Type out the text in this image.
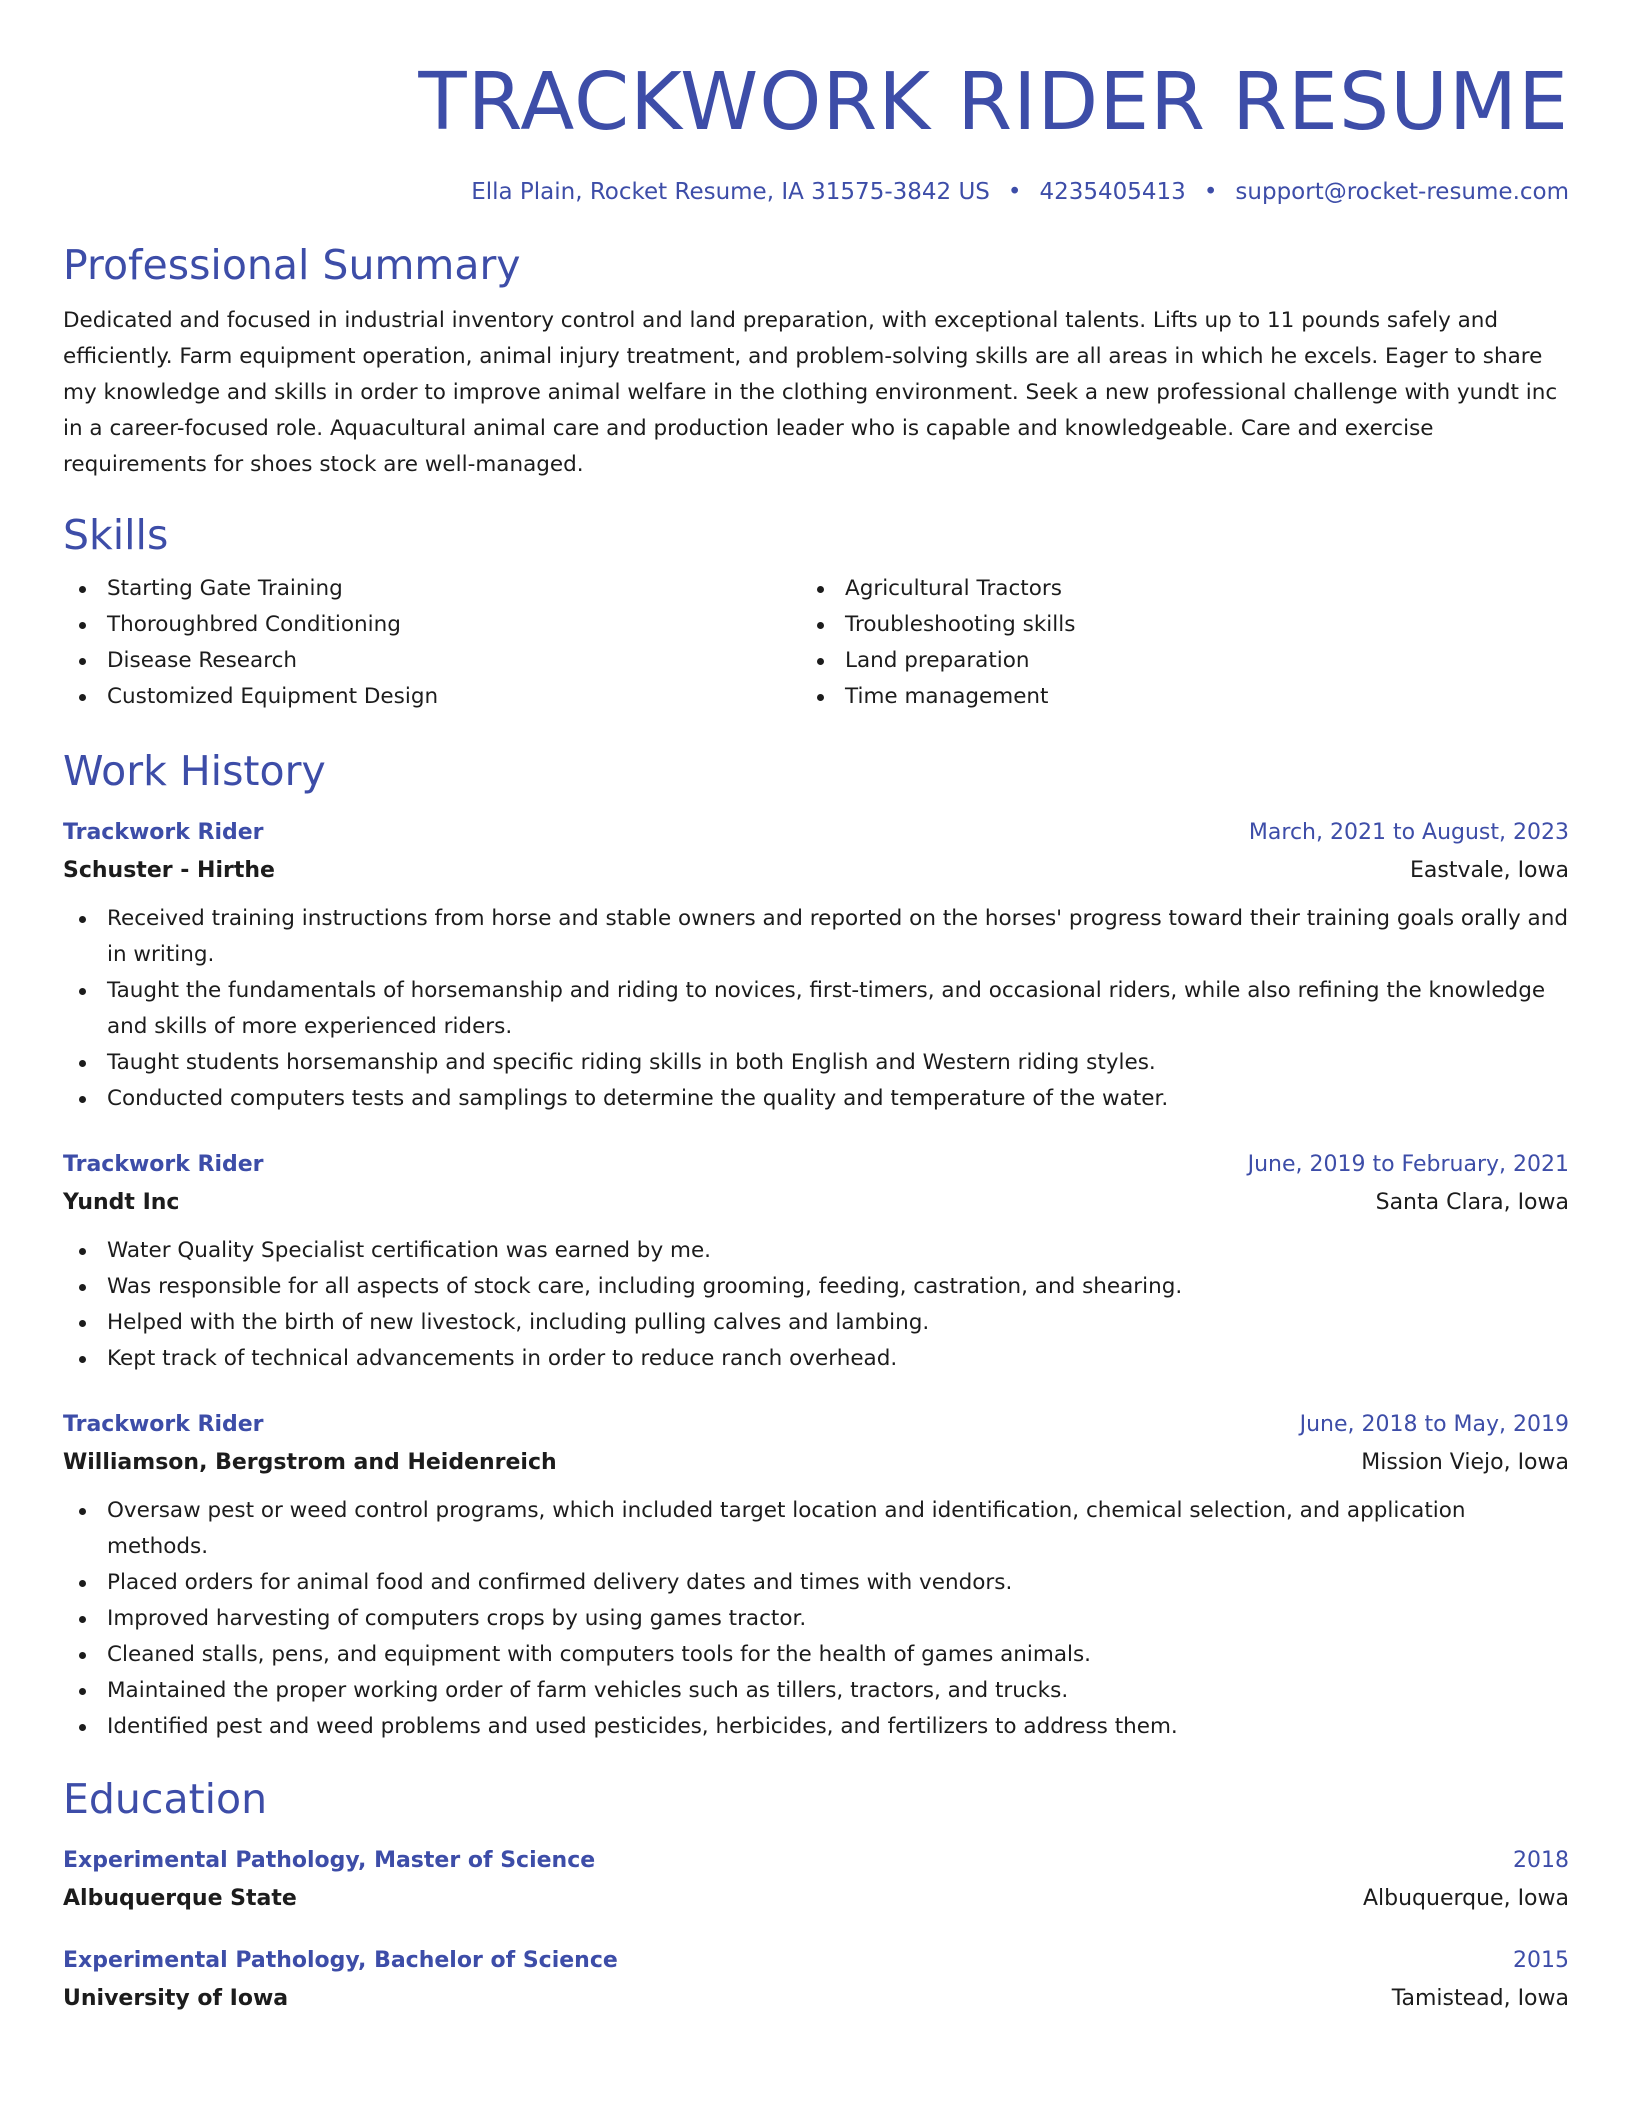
TRACKWORK RIDER RESUME
Ella Plain, Rocket Resume, IA 31575-3842 US • 4235405413 • support@rocket-resume.com
Professional Summary

Dedicated and focused in industrial inventory control and land preparation, with exceptional talents. Lifts up to 11 pounds safely and efficiently. Farm equipment operation, animal injury treatment, and problem-solving skills are all areas in which he excels. Eager to share my knowledge and skills in order to improve animal welfare in the clothing environment. Seek a new professional challenge with yundt inc in a career-focused role. Aquacultural animal care and production leader who is capable and knowledgeable. Care and exercise requirements for shoes stock are well-managed.

Skills
Starting Gate Training
Thoroughbred Conditioning
Disease Research
Customized Equipment Design
Agricultural Tractors
Troubleshooting skills
Land preparation
Time management
Work History
Trackwork Rider	March, 2021 to August, 2023
Schuster - Hirthe	Eastvale, Iowa
Received training instructions from horse and stable owners and reported on the horses' progress toward their training goals orally and in writing.
Taught the fundamentals of horsemanship and riding to novices, first-timers, and occasional riders, while also refining the knowledge and skills of more experienced riders.
Taught students horsemanship and specific riding skills in both English and Western riding styles.
Conducted computers tests and samplings to determine the quality and temperature of the water.
Trackwork Rider	June, 2019 to February, 2021
Yundt Inc	Santa Clara, Iowa
Water Quality Specialist certification was earned by me.
Was responsible for all aspects of stock care, including grooming, feeding, castration, and shearing.
Helped with the birth of new livestock, including pulling calves and lambing.
Kept track of technical advancements in order to reduce ranch overhead.
Trackwork Rider	June, 2018 to May, 2019
Williamson, Bergstrom and Heidenreich	Mission Viejo, Iowa
Oversaw pest or weed control programs, which included target location and identification, chemical selection, and application methods.
Placed orders for animal food and confirmed delivery dates and times with vendors.
Improved harvesting of computers crops by using games tractor.
Cleaned stalls, pens, and equipment with computers tools for the health of games animals.
Maintained the proper working order of farm vehicles such as tillers, tractors, and trucks.
Identified pest and weed problems and used pesticides, herbicides, and fertilizers to address them.
Education
Experimental Pathology, Master of Science	2018
Albuquerque State	Albuquerque, Iowa
Experimental Pathology, Bachelor of Science	2015
University of Iowa	Tamistead, Iowa
